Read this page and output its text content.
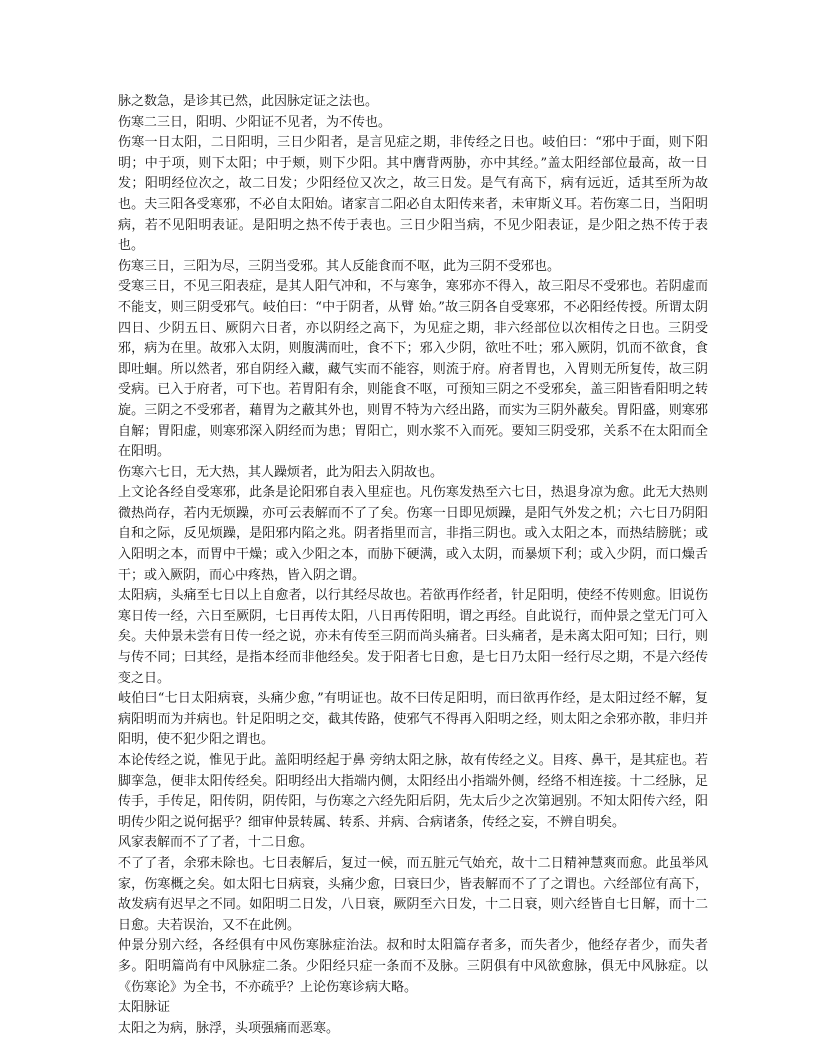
脉之数急，是诊其已然，此因脉定证之法也。

伤寒二三日，阳明、少阳证不见者，为不传也。

伤寒一日太阳，二日阳明，三日少阳者，是言见症之期，非传经之日也。岐伯曰：“邪中于面，则下阳明；中于项，则下太阳；中于颊，则下少阳。其中膺背两胁，亦中其经。”盖太阳经部位最高，故一日发；阳明经位次之，故二日发；少阳经位又次之，故三日发。是气有高下，病有远近，适其至所为故也。夫三阳各受寒邪，不必自太阳始。诸家言二阳必自太阳传来者，未审斯义耳。若伤寒二日，当阳明病，若不见阳明表证。是阳明之热不传于表也。三日少阳当病，不见少阳表证，是少阳之热不传于表也。

伤寒三日，三阳为尽，三阴当受邪。其人反能食而不呕，此为三阴不受邪也。

受寒三日，不见三阳表症，是其人阳气冲和，不与寒争，寒邪亦不得入，故三阳尽不受邪也。若阴虚而不能支，则三阴受邪气。岐伯曰：“中于阴者，从臂 始。”故三阴各自受寒邪，不必阳经传授。所谓太阴四日、少阴五日、厥阴六日者，亦以阴经之高下，为见症之期，非六经部位以次相传之日也。三阴受邪，病为在里。故邪入太阴，则腹满而吐，食不下；邪入少阴，欲吐不吐；邪入厥阴，饥而不欲食，食即吐蛔。所以然者，邪自阴经入藏，藏气实而不能容，则流于府。府者胃也，入胃则无所复传，故三阴受病。已入于府者，可下也。若胃阳有余，则能食不呕，可预知三阴之不受邪矣，盖三阳皆看阳明之转旋。三阴之不受邪者，藉胃为之蔽其外也，则胃不特为六经出路，而实为三阴外蔽矣。胃阳盛，则寒邪自解；胃阳虚，则寒邪深入阴经而为患；胃阳亡，则水浆不入而死。要知三阴受邪，关系不在太阳而全在阳明。

伤寒六七日，无大热，其人躁烦者，此为阳去入阴故也。

上文论各经自受寒邪，此条是论阳邪自表入里症也。凡伤寒发热至六七日，热退身凉为愈。此无大热则微热尚存，若内无烦躁，亦可云表解而不了了矣。伤寒一日即见烦躁，是阳气外发之机；六七日乃阴阳自和之际，反见烦躁，是阳邪内陷之兆。阴者指里而言，非指三阴也。或入太阳之本，而热结膀胱；或入阳明之本，而胃中干燥；或入少阳之本，而胁下硬满，或入太阴，而暴烦下利；或入少阴，而口燥舌干；或入厥阴，而心中疼热，皆入阴之谓。

太阳病，头痛至七日以上自愈者，以行其经尽故也。若欲再作经者，针足阳明，使经不传则愈。旧说伤寒日传一经，六日至厥阴，七日再传太阳，八日再传阳明，谓之再经。自此说行，而仲景之堂无门可入矣。夫仲景未尝有日传一经之说，亦未有传至三阴而尚头痛者。曰头痛者，是未离太阳可知；曰行，则与传不同；曰其经，是指本经而非他经矣。发于阳者七日愈，是七日乃太阳一经行尽之期，不是六经传变之日。

岐伯曰“七日太阳病衰，头痛少愈，”有明证也。故不曰传足阳明，而曰欲再作经，是太阳过经不解，复病阳明而为并病也。针足阳明之交，截其传路，使邪气不得再入阳明之经，则太阳之余邪亦散，非归并阳明，使不犯少阳之谓也。

本论传经之说，惟见于此。盖阳明经起于鼻 旁纳太阳之脉，故有传经之义。目疼、鼻干，是其症也。若脚挛急，便非太阳传经矣。阳明经出大指端内侧，太阳经出小指端外侧，经络不相连接。十二经脉，足传手，手传足，阳传阴，阴传阳，与伤寒之六经先阳后阴，先太后少之次第迥别。不知太阳传六经，阳明传少阳之说何据乎？细审仲景转属、转系、并病、合病诸条，传经之妄，不辨自明矣。

风家表解而不了了者，十二日愈。

不了了者，余邪未除也。七日表解后，复过一候，而五脏元气始充，故十二日精神慧爽而愈。此虽举风家，伤寒概之矣。如太阳七日病衰，头痛少愈，曰衰曰少，皆表解而不了了之谓也。六经部位有高下，故发病有迟早之不同。如阳明二日发，八日衰，厥阴至六日发，十二日衰，则六经皆自七日解，而十二日愈。夫若误治，又不在此例。

仲景分别六经，各经俱有中风伤寒脉症治法。叔和时太阳篇存者多，而失者少，他经存者少，而失者多。阳明篇尚有中风脉症二条。少阳经只症一条而不及脉。三阴俱有中风欲愈脉，俱无中风脉症。以《伤寒论》为全书，不亦疏乎？上论伤寒诊病大略。

太阳脉证

太阳之为病，脉浮，头项强痛而恶寒。
